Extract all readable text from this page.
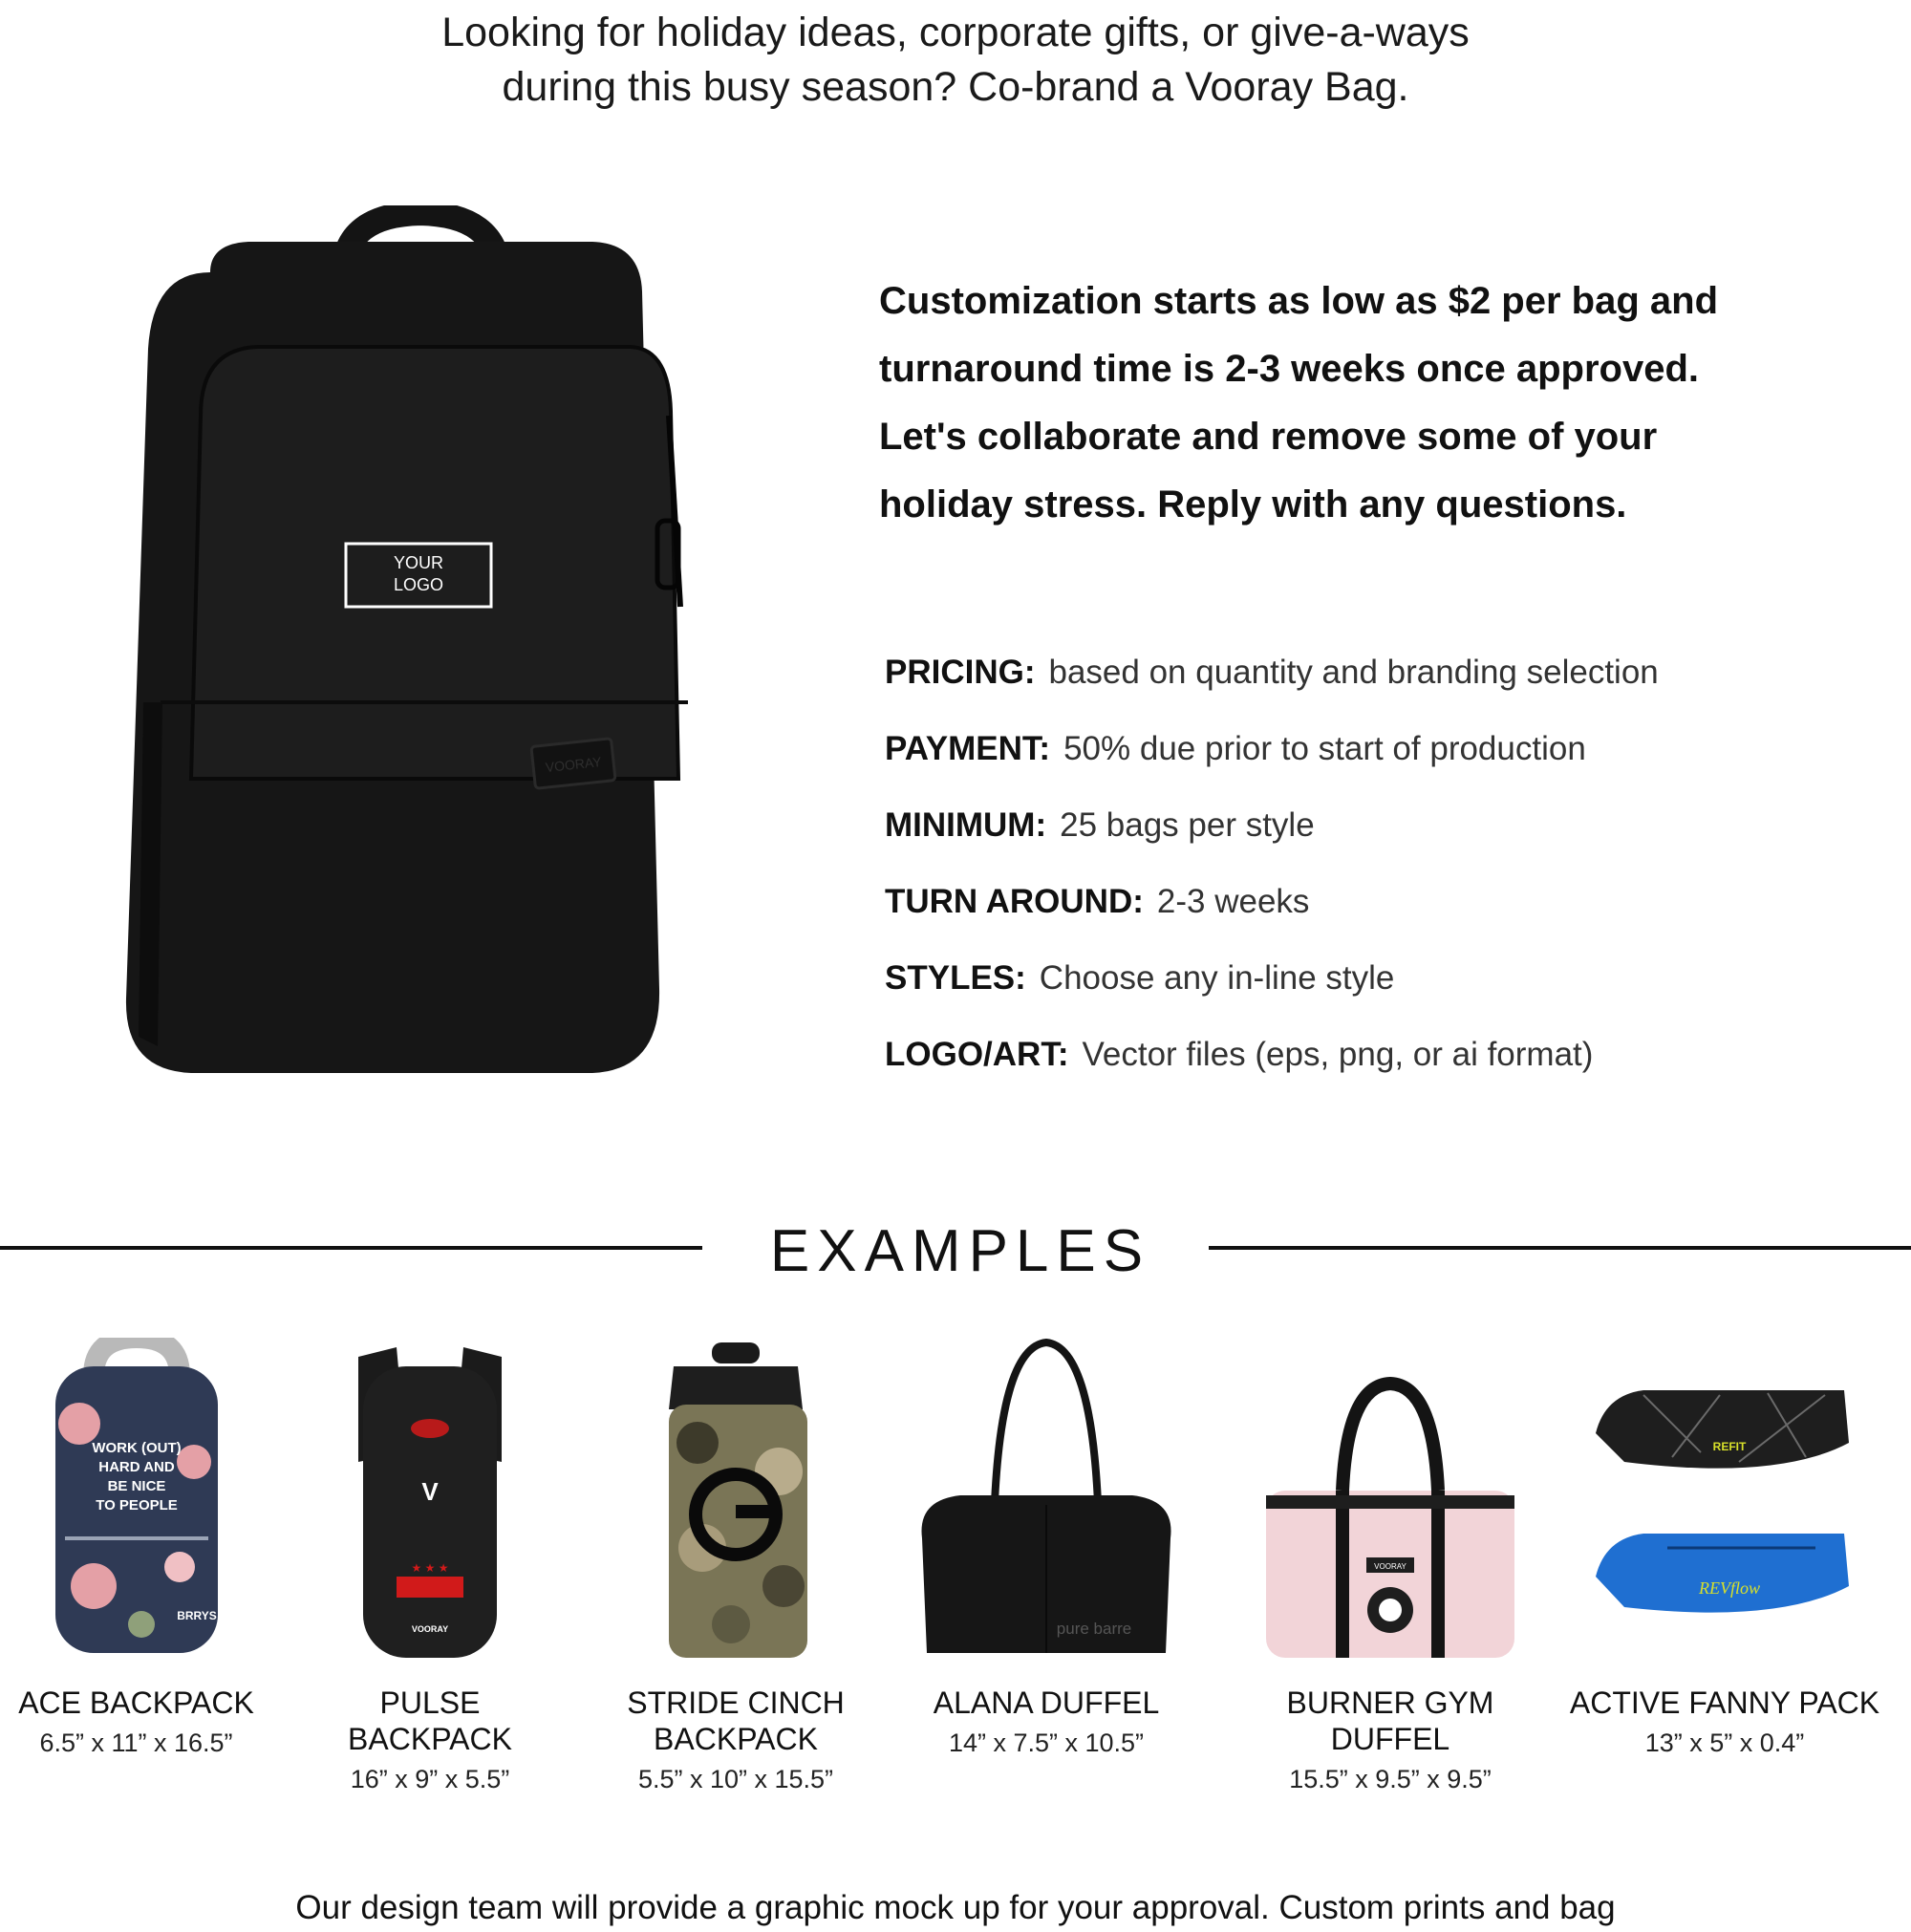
Looking for holiday ideas, corporate gifts, or give-a-ways
during this busy season? Co-brand a Vooray Bag.
YOUR
LOGO
VOORAY
Customization starts as low as $2 per bag and
turnaround time is 2-3 weeks once approved.
Let's collaborate and remove some of your
holiday stress. Reply with any questions.
PRICING: based on quantity and branding selection
PAYMENT: 50% due prior to start of production
MINIMUM: 25 bags per style
TURN AROUND: 2-3 weeks
STYLES: Choose any in-line style
LOGO/ART: Vector files (eps, png, or ai format)
EXAMPLES
WORK (OUT)
HARD AND
BE NICE
TO PEOPLE
BRRYS
ACE BACKPACK
6.5” x 11” x 16.5”
V
★ ★ ★
VOORAY
PULSE BACKPACK
16” x 9” x 5.5”
STRIDE CINCH
BACKPACK
5.5” x 10” x 15.5”
pure barre
ALANA DUFFEL
14” x 7.5” x 10.5”
VOORAY
BURNER GYM
DUFFEL
15.5” x 9.5” x 9.5”
REFIT
REVflow
ACTIVE FANNY PACK
13” x 5” x 0.4”
Our design team will provide a graphic mock up for your approval. Custom prints and bag
